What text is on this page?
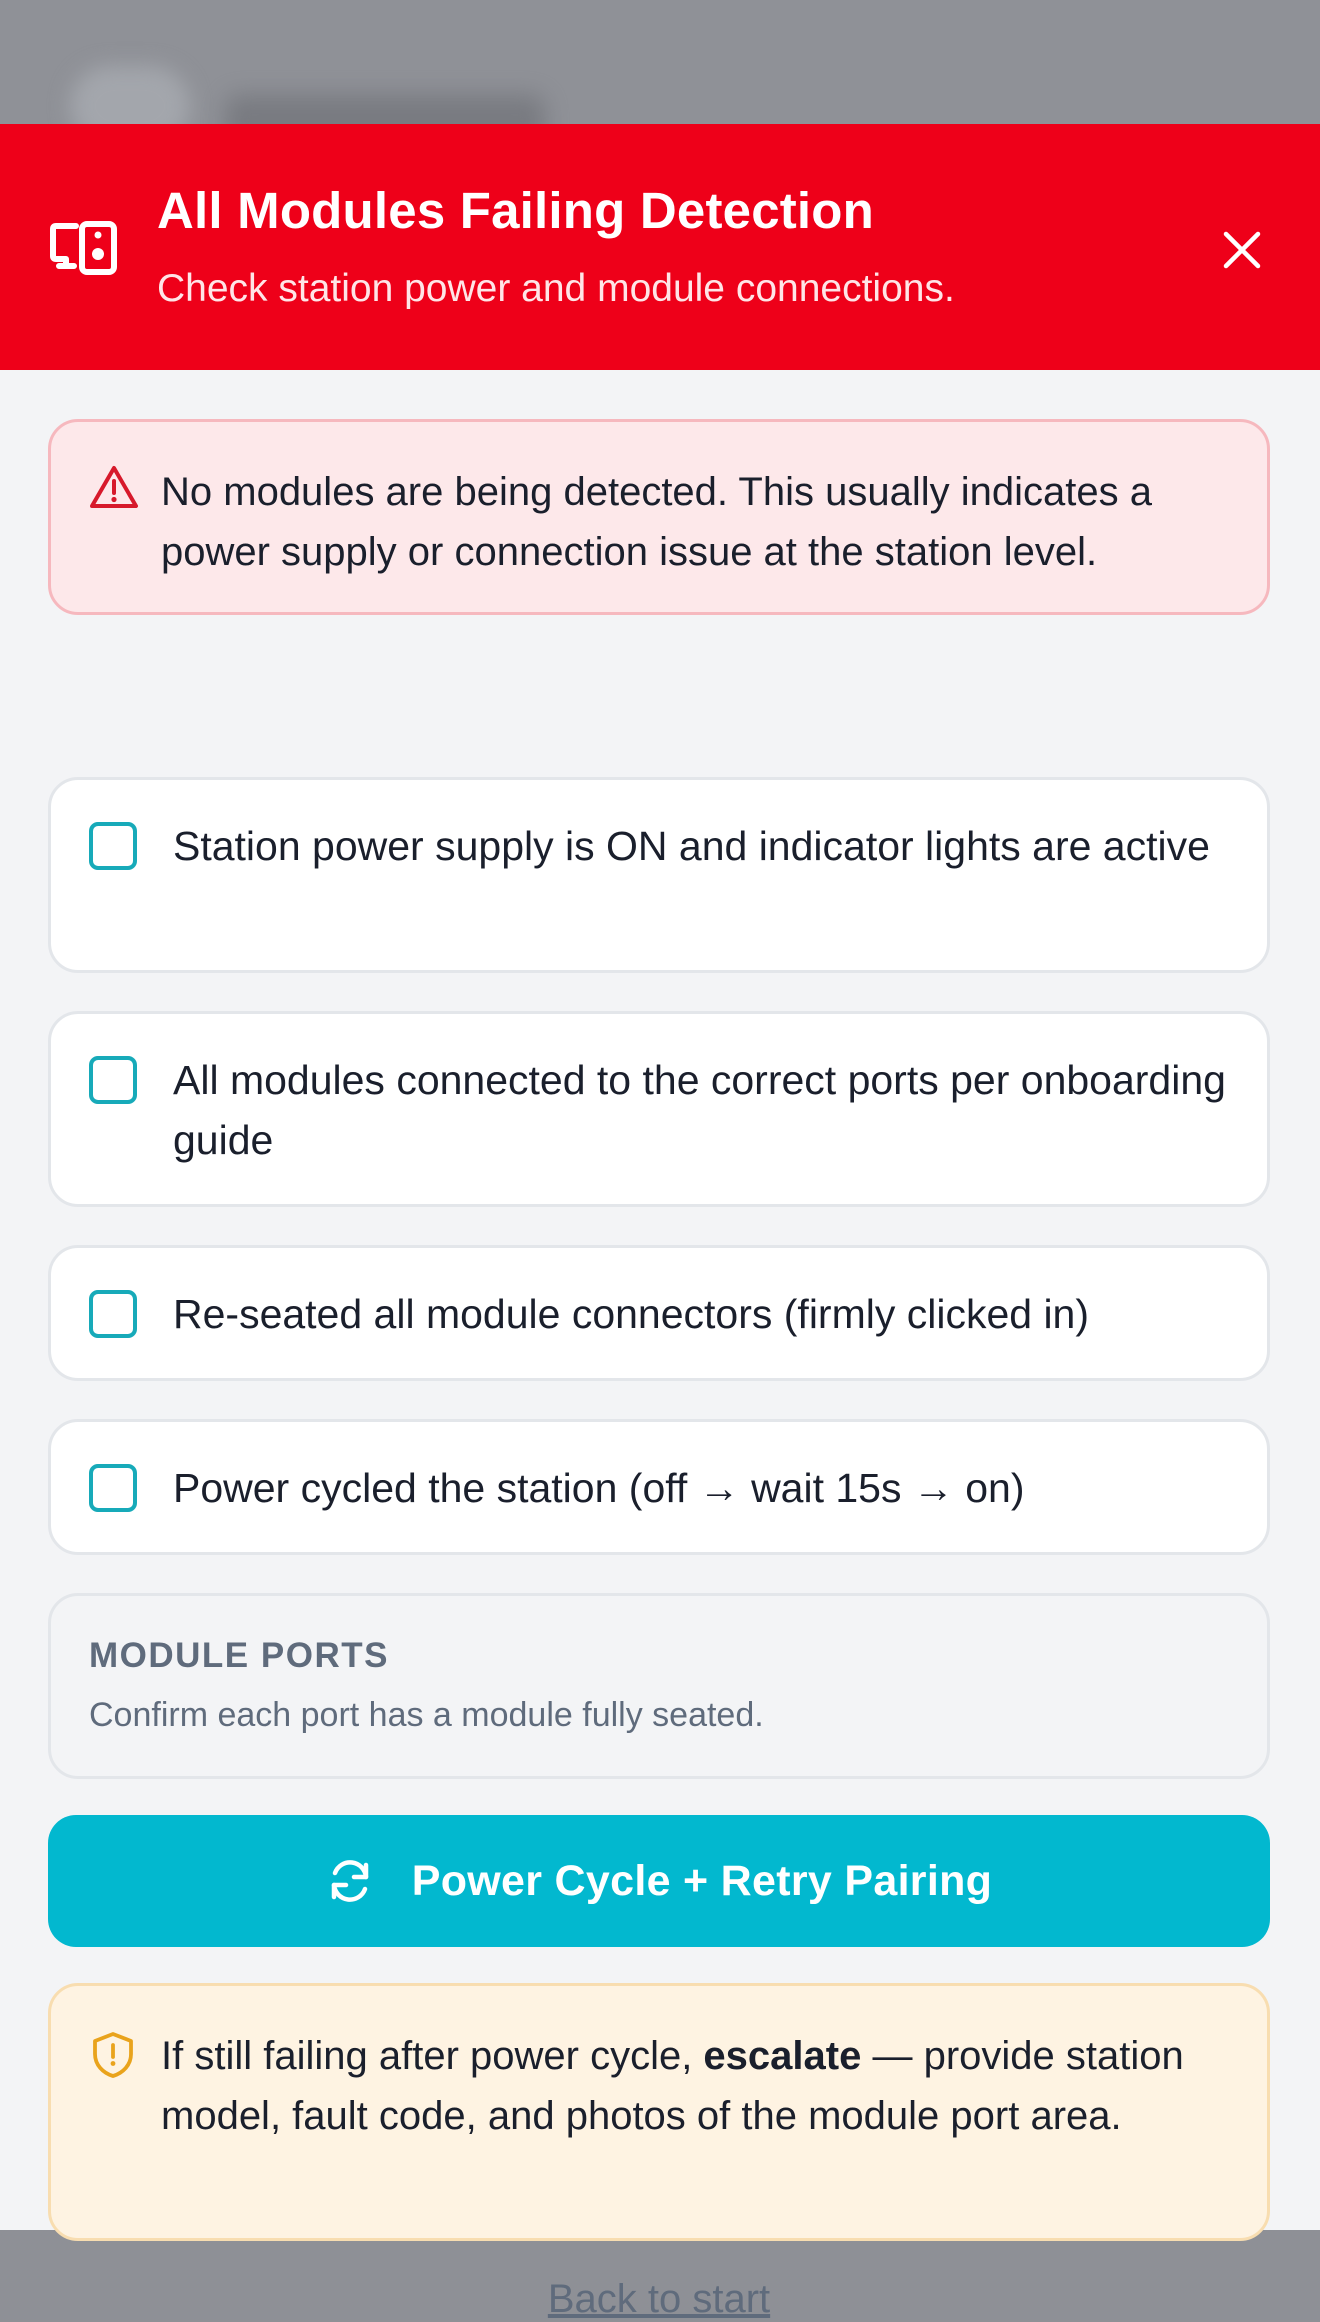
All Modules Failing Detection
Check station power and module connections.
No modules are being detected. This usually indicates a power supply or connection issue at the station level.
Station power supply is ON and indicator lights are active
All modules connected to the correct ports per onboarding guide
Re-seated all module connectors (firmly clicked in)
Power cycled the station (off → wait 15s → on)
MODULE PORTS
Confirm each port has a module fully seated.
Power Cycle + Retry Pairing
If still failing after power cycle, escalate — provide station model, fault code, and photos of the module port area.
Back to start
